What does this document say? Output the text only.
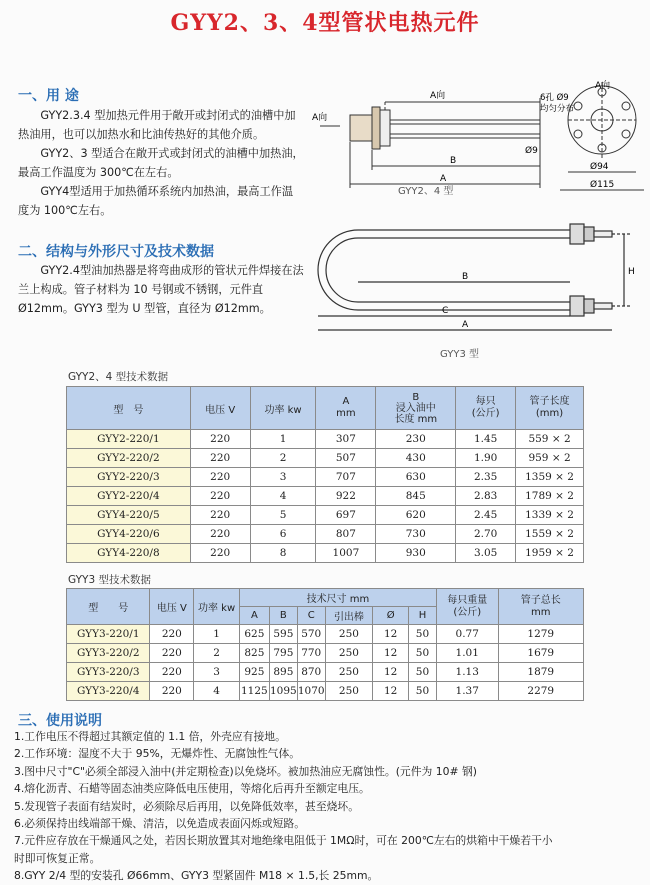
GYY2、3、4型管状电热元件
一、用 途

GYY2.3.4 型加热元件用于敞开或封闭式的油槽中加热油用，也可以加热水和比油传热好的其他介质。

GYY2、3 型适合在敞开式或封闭式的油槽中加热油，最高工作温度为 300℃在左右。

GYY4型适用于加热循环系统内加热油，最高工作温度为 100℃左右。

二、结构与外形尺寸及技术数据

GYY2.4型油加热器是将弯曲成形的管状元件焊接在法兰上构成。管子材料为 10 号钢或不锈钢，元件直 Ø12mm。GYY3 型为 U 型管，直径为 Ø12mm。

A向
A向
B
A
Ø9
GYY2、4 型
A向
6孔 Ø9
均匀分布
Ø94
Ø115
B
C
A
H
GYY3 型
GYY2、4 型技术数据
型　号	电压 V	功率 kw	A
mm	B
浸入油中
长度 mm	每只
(公斤)	管子长度
(mm)
GYY2-220/1	220	1	307	230	1.45	559 × 2
GYY2-220/2	220	2	507	430	1.90	959 × 2
GYY2-220/3	220	3	707	630	2.35	1359 × 2
GYY2-220/4	220	4	922	845	2.83	1789 × 2
GYY4-220/5	220	5	697	620	2.45	1339 × 2
GYY4-220/6	220	6	807	730	2.70	1559 × 2
GYY4-220/8	220	8	1007	930	3.05	1959 × 2
GYY3 型技术数据
型　　号	电压 V	功率 kw	技术尺寸 mm						每只重量
(公斤)	管子总长
mm
			A	B	C	引出棒	Ø	H		
GYY3-220/1	220	1	625	595	570	250	12	50	0.77	1279
GYY3-220/2	220	2	825	795	770	250	12	50	1.01	1679
GYY3-220/3	220	3	925	895	870	250	12	50	1.13	1879
GYY3-220/4	220	4	1125	1095	1070	250	12	50	1.37	2279
三、使用说明
1.工作电压不得超过其额定值的 1.1 倍，外壳应有接地。
2.工作环境：湿度不大于 95%，无爆炸性、无腐蚀性气体。
3.图中尺寸"C"必须全部浸入油中(并定期检查)以免烧坏。被加热油应无腐蚀性。(元件为 10# 钢)
4.熔化沥青、石蜡等固态油类应降低电压使用，等熔化后再升至额定电压。
5.发现管子表面有结炭时，必须除尽后再用，以免降低效率，甚至烧坏。
6.必须保持出线端部干燥、清洁，以免造成表面闪烁或短路。
7.元件应存放在干燥通风之处，若因长期放置其对地绝缘电阻低于 1MΩ时，可在 200℃左右的烘箱中干燥若干小
时即可恢复正常。
8.GYY 2/4 型的安装孔 Ø66mm、GYY3 型紧固件 M18 × 1.5,长 25mm。
